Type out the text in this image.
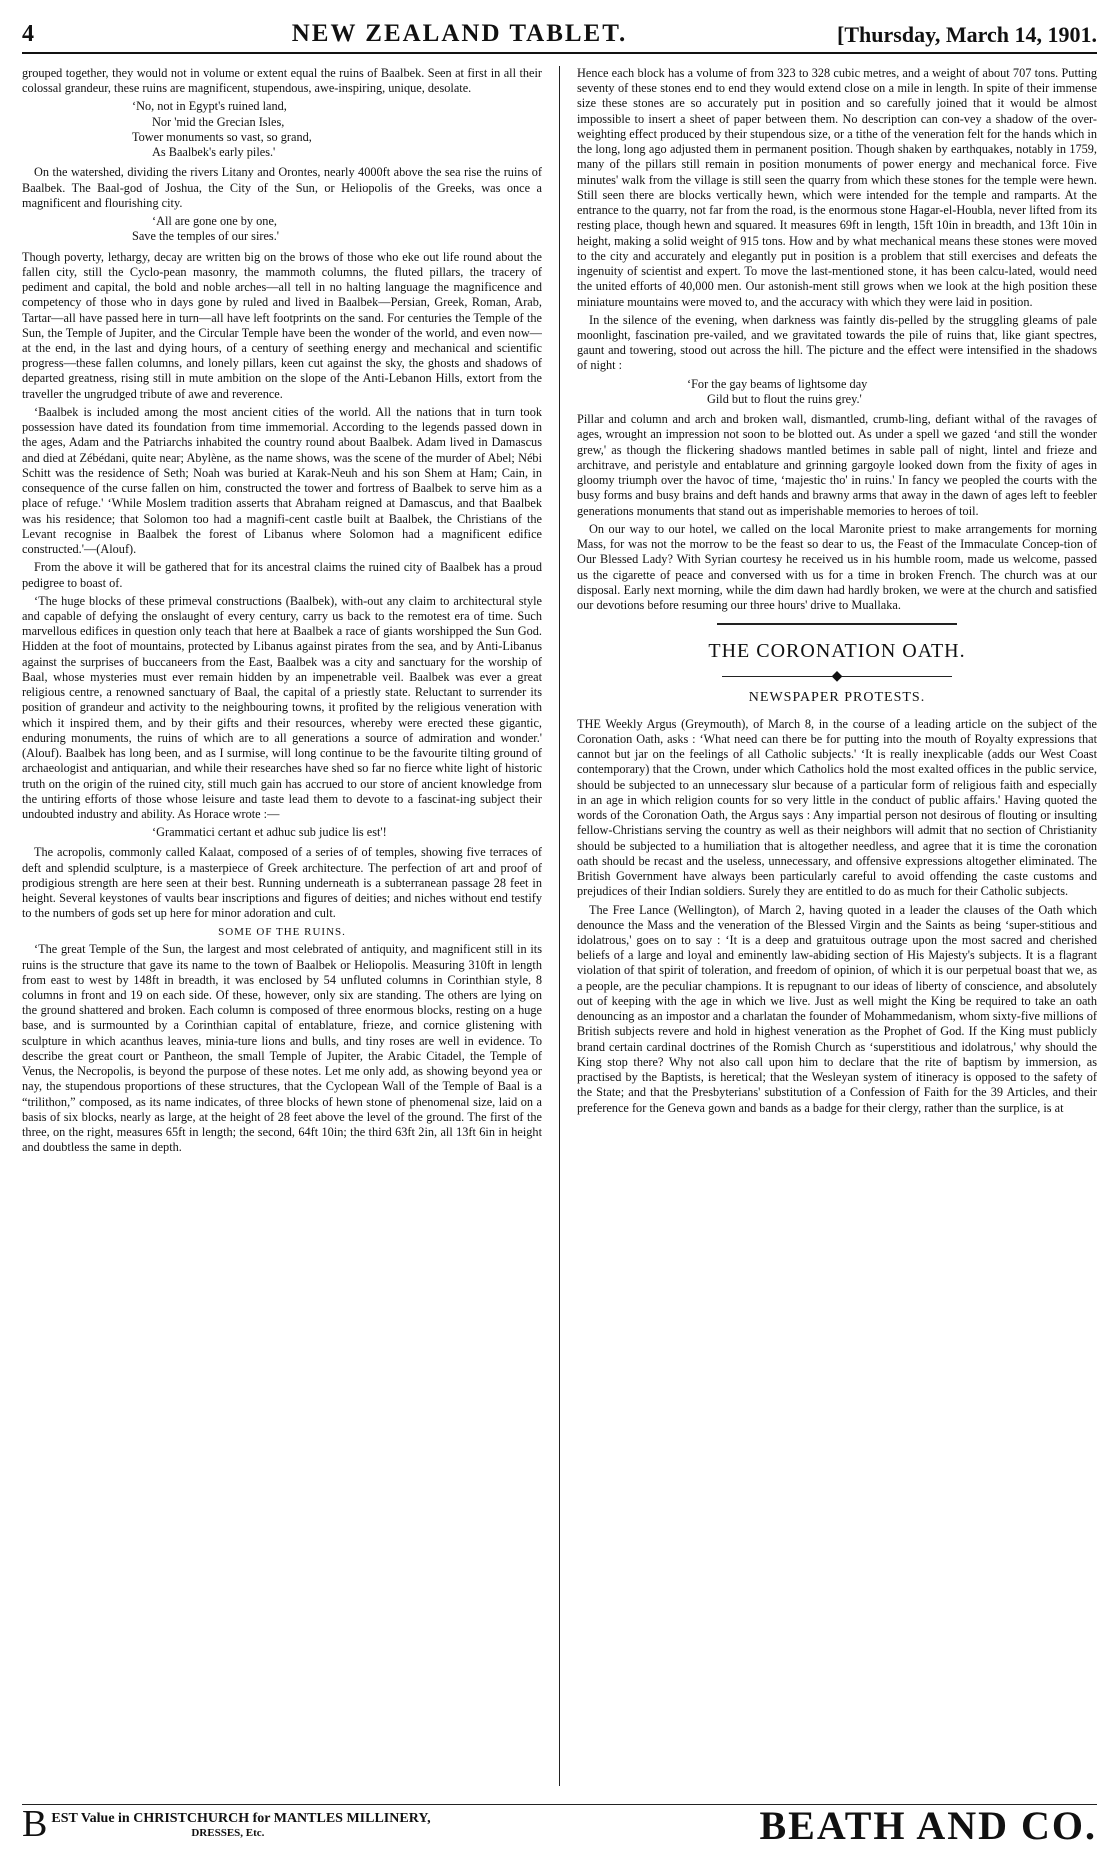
4	NEW ZEALAND TABLET.	[Thursday, March 14, 1901.

grouped together, they would not in volume or extent equal the ruins of Baalbek. Seen at first in all their colossal grandeur, these ruins are magnificent, stupendous, awe-inspiring, unique, desolate.

‘No, not in Egypt's ruined land,
Nor 'mid the Grecian Isles,
Tower monuments so vast, so grand,
As Baalbek's early piles.'

On the watershed, dividing the rivers Litany and Orontes, nearly 4000ft above the sea rise the ruins of Baalbek. The Baal-god of Joshua, the City of the Sun, or Heliopolis of the Greeks, was once a magnificent and flourishing city.

‘All are gone one by one,
Save the temples of our sires.'

Though poverty, lethargy, decay are written big on the brows of those who eke out life round about the fallen city, still the Cyclo-pean masonry, the mammoth columns, the fluted pillars, the tracery of pediment and capital, the bold and noble arches—all tell in no halting language the magnificence and competency of those who in days gone by ruled and lived in Baalbek—Persian, Greek, Roman, Arab, Tartar—all have passed here in turn—all have left footprints on the sand. For centuries the Temple of the Sun, the Temple of Jupiter, and the Circular Temple have been the wonder of the world, and even now—at the end, in the last and dying hours, of a century of seething energy and mechanical and scientific progress—these fallen columns, and lonely pillars, keen cut against the sky, the ghosts and shadows of departed greatness, rising still in mute ambition on the slope of the Anti-Lebanon Hills, extort from the traveller the ungrudged tribute of awe and reverence.

‘Baalbek is included among the most ancient cities of the world. All the nations that in turn took possession have dated its foundation from time immemorial. According to the legends passed down in the ages, Adam and the Patriarchs inhabited the country round about Baalbek. Adam lived in Damascus and died at Zébédani, quite near; Abylène, as the name shows, was the scene of the murder of Abel; Nébi Schitt was the residence of Seth; Noah was buried at Karak-Neuh and his son Shem at Ham; Cain, in consequence of the curse fallen on him, constructed the tower and fortress of Baalbek to serve him as a place of refuge.' ‘While Moslem tradition asserts that Abraham reigned at Damascus, and that Baalbek was his residence; that Solomon too had a magnifi-cent castle built at Baalbek, the Christians of the Levant recognise in Baalbek the forest of Libanus where Solomon had a magnificent edifice constructed.'—(Alouf).

From the above it will be gathered that for its ancestral claims the ruined city of Baalbek has a proud pedigree to boast of.

‘The huge blocks of these primeval constructions (Baalbek), with-out any claim to architectural style and capable of defying the onslaught of every century, carry us back to the remotest era of time. Such marvellous edifices in question only teach that here at Baalbek a race of giants worshipped the Sun God. Hidden at the foot of mountains, protected by Libanus against pirates from the sea, and by Anti-Libanus against the surprises of buccaneers from the East, Baalbek was a city and sanctuary for the worship of Baal, whose mysteries must ever remain hidden by an impenetrable veil. Baalbek was ever a great religious centre, a renowned sanctuary of Baal, the capital of a priestly state. Reluctant to surrender its position of grandeur and activity to the neighbouring towns, it profited by the religious veneration with which it inspired them, and by their gifts and their resources, whereby were erected these gigantic, enduring monuments, the ruins of which are to all generations a source of admiration and wonder.' (Alouf). Baalbek has long been, and as I surmise, will long continue to be the favourite tilting ground of archaeologist and antiquarian, and while their researches have shed so far no fierce white light of historic truth on the origin of the ruined city, still much gain has accrued to our store of ancient knowledge from the untiring efforts of those whose leisure and taste lead them to devote to a fascinat-ing subject their undoubted industry and ability. As Horace wrote :—

‘Grammatici certant et adhuc sub judice lis est'!

The acropolis, commonly called Kalaat, composed of a series of of temples, showing five terraces of deft and splendid sculpture, is a masterpiece of Greek architecture. The perfection of art and proof of prodigious strength are here seen at their best. Running underneath is a subterranean passage 28 feet in height. Several keystones of vaults bear inscriptions and figures of deities; and niches without end testify to the numbers of gods set up here for minor adoration and cult.

SOME OF THE RUINS.

‘The great Temple of the Sun, the largest and most celebrated of antiquity, and magnificent still in its ruins is the structure that gave its name to the town of Baalbek or Heliopolis. Measuring 310ft in length from east to west by 148ft in breadth, it was enclosed by 54 unfluted columns in Corinthian style, 8 columns in front and 19 on each side. Of these, however, only six are standing. The others are lying on the ground shattered and broken. Each column is composed of three enormous blocks, resting on a huge base, and is surmounted by a Corinthian capital of entablature, frieze, and cornice glistening with sculpture in which acanthus leaves, minia-ture lions and bulls, and tiny roses are well in evidence. To describe the great court or Pantheon, the small Temple of Jupiter, the Arabic Citadel, the Temple of Venus, the Necropolis, is beyond the purpose of these notes. Let me only add, as showing beyond yea or nay, the stupendous proportions of these structures, that the Cyclopean Wall of the Temple of Baal is a “trilithon,” composed, as its name indicates, of three blocks of hewn stone of phenomenal size, laid on a basis of six blocks, nearly as large, at the height of 28 feet above the level of the ground. The first of the three, on the right, measures 65ft in length; the second, 64ft 10in; the third 63ft 2in, all 13ft 6in in height and doubtless the same in depth.

Hence each block has a volume of from 323 to 328 cubic metres, and a weight of about 707 tons. Putting seventy of these stones end to end they would extend close on a mile in length. In spite of their immense size these stones are so accurately put in position and so carefully joined that it would be almost impossible to insert a sheet of paper between them. No description can con-vey a shadow of the over-weighting effect produced by their stupendous size, or a tithe of the veneration felt for the hands which in the long, long ago adjusted them in permanent position. Though shaken by earthquakes, notably in 1759, many of the pillars still remain in position monuments of power energy and mechanical force. Five minutes' walk from the village is still seen the quarry from which these stones for the temple were hewn. Still seen there are blocks vertically hewn, which were intended for the temple and ramparts. At the entrance to the quarry, not far from the road, is the enormous stone Hagar-el-Houbla, never lifted from its resting place, though hewn and squared. It measures 69ft in length, 15ft 10in in breadth, and 13ft 10in in height, making a solid weight of 915 tons. How and by what mechanical means these stones were moved to the city and accurately and elegantly put in position is a problem that still exercises and defeats the ingenuity of scientist and expert. To move the last-mentioned stone, it has been calcu-lated, would need the united efforts of 40,000 men. Our astonish-ment still grows when we look at the high position these miniature mountains were moved to, and the accuracy with which they were laid in position.

In the silence of the evening, when darkness was faintly dis-pelled by the struggling gleams of pale moonlight, fascination pre-vailed, and we gravitated towards the pile of ruins that, like giant spectres, gaunt and towering, stood out across the hill. The picture and the effect were intensified in the shadows of night :

‘For the gay beams of lightsome day
Gild but to flout the ruins grey.'

Pillar and column and arch and broken wall, dismantled, crumb-ling, defiant withal of the ravages of ages, wrought an impression not soon to be blotted out. As under a spell we gazed ‘and still the wonder grew,' as though the flickering shadows mantled betimes in sable pall of night, lintel and frieze and architrave, and peristyle and entablature and grinning gargoyle looked down from the fixity of ages in gloomy triumph over the havoc of time, ‘majestic tho' in ruins.' In fancy we peopled the courts with the busy forms and busy brains and deft hands and brawny arms that away in the dawn of ages left to feebler generations monuments that stand out as imperishable memories to heroes of toil.

On our way to our hotel, we called on the local Maronite priest to make arrangements for morning Mass, for was not the morrow to be the feast so dear to us, the Feast of the Immaculate Concep-tion of Our Blessed Lady? With Syrian courtesy he received us in his humble room, made us welcome, passed us the cigarette of peace and conversed with us for a time in broken French. The church was at our disposal. Early next morning, while the dim dawn had hardly broken, we were at the church and satisfied our devotions before resuming our three hours' drive to Muallaka.

THE CORONATION OATH.
◆
NEWSPAPER PROTESTS.

THE Weekly Argus (Greymouth), of March 8, in the course of a leading article on the subject of the Coronation Oath, asks : ‘What need can there be for putting into the mouth of Royalty expressions that cannot but jar on the feelings of all Catholic subjects.' ‘It is really inexplicable (adds our West Coast contemporary) that the Crown, under which Catholics hold the most exalted offices in the public service, should be subjected to an unnecessary slur because of a particular form of religious faith and especially in an age in which religion counts for so very little in the conduct of public affairs.' Having quoted the words of the Coronation Oath, the Argus says : Any impartial person not desirous of flouting or insulting fellow-Christians serving the country as well as their neighbors will admit that no section of Christianity should be subjected to a humiliation that is altogether needless, and agree that it is time the coronation oath should be recast and the useless, unnecessary, and offensive expressions altogether eliminated. The British Government have always been particularly careful to avoid offending the caste customs and prejudices of their Indian soldiers. Surely they are entitled to do as much for their Catholic subjects.

The Free Lance (Wellington), of March 2, having quoted in a leader the clauses of the Oath which denounce the Mass and the veneration of the Blessed Virgin and the Saints as being ‘super-stitious and idolatrous,' goes on to say : ‘It is a deep and gratuitous outrage upon the most sacred and cherished beliefs of a large and loyal and eminently law-abiding section of His Majesty's subjects. It is a flagrant violation of that spirit of toleration, and freedom of opinion, of which it is our perpetual boast that we, as a people, are the peculiar champions. It is repugnant to our ideas of liberty of conscience, and absolutely out of keeping with the age in which we live. Just as well might the King be required to take an oath denouncing as an impostor and a charlatan the founder of Mohammedanism, whom sixty-five millions of British subjects revere and hold in highest veneration as the Prophet of God. If the King must publicly brand certain cardinal doctrines of the Romish Church as ‘superstitious and idolatrous,' why should the King stop there? Why not also call upon him to declare that the rite of baptism by immersion, as practised by the Baptists, is heretical; that the Wesleyan system of itineracy is opposed to the safety of the State; and that the Presbyterians' substitution of a Confession of Faith for the 39 Articles, and their preference for the Geneva gown and bands as a badge for their clergy, rather than the surplice, is at

B EST Value in CHRISTCHURCH for MANTLES MILLINERY,
DRESSES, Etc.	BEATH AND CO.
